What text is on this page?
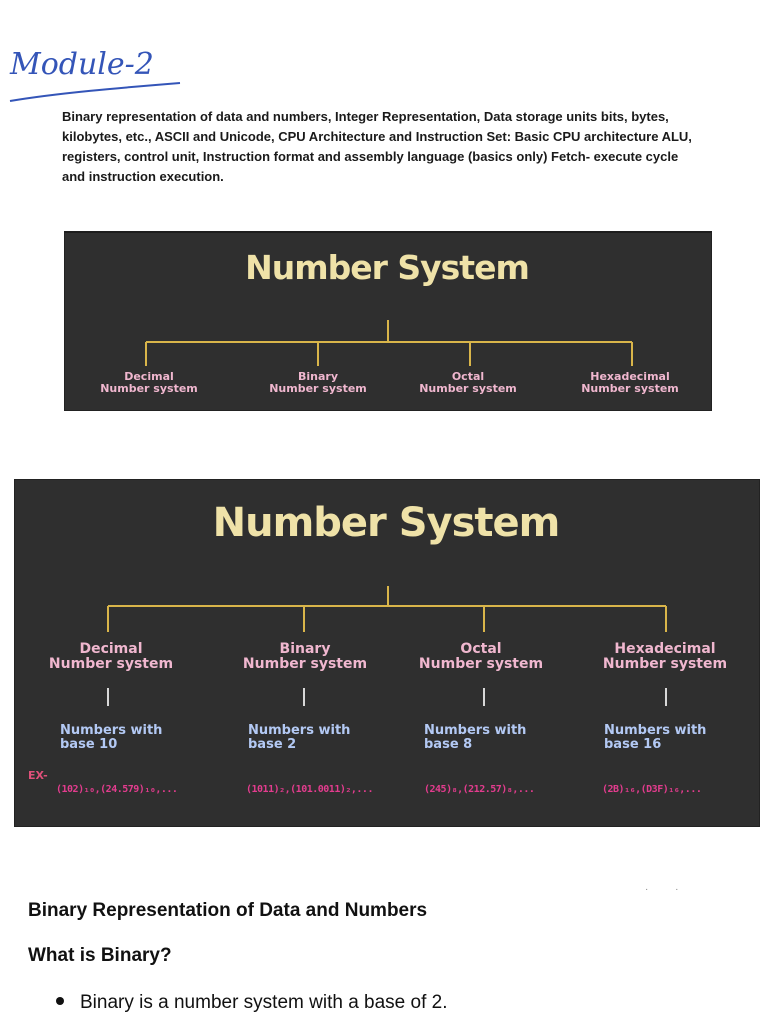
Module-2

Binary representation of data and numbers, Integer Representation, Data storage units bits, bytes, kilobytes, etc., ASCII and Unicode, CPU Architecture and Instruction Set: Basic CPU architecture ALU, registers, control unit, Instruction format and assembly language (basics only) Fetch- execute cycle and instruction execution.

Number System
Decimal
Number system
Binary
Number system
Octal
Number system
Hexadecimal
Number system
Number System
Decimal
Number system
Binary
Number system
Octal
Number system
Hexadecimal
Number system
Numbers with
base 10
Numbers with
base 2
Numbers with
base 8
Numbers with
base 16
EX-
(102)₁₀,(24.579)₁₀,...	(1011)₂,(101.0011)₂,...	(245)₈,(212.57)₈,...	(2B)₁₆,(D3F)₁₆,...
· ·
Binary Representation of Data and Numbers
What is Binary?
Binary is a number system with a base of 2.
